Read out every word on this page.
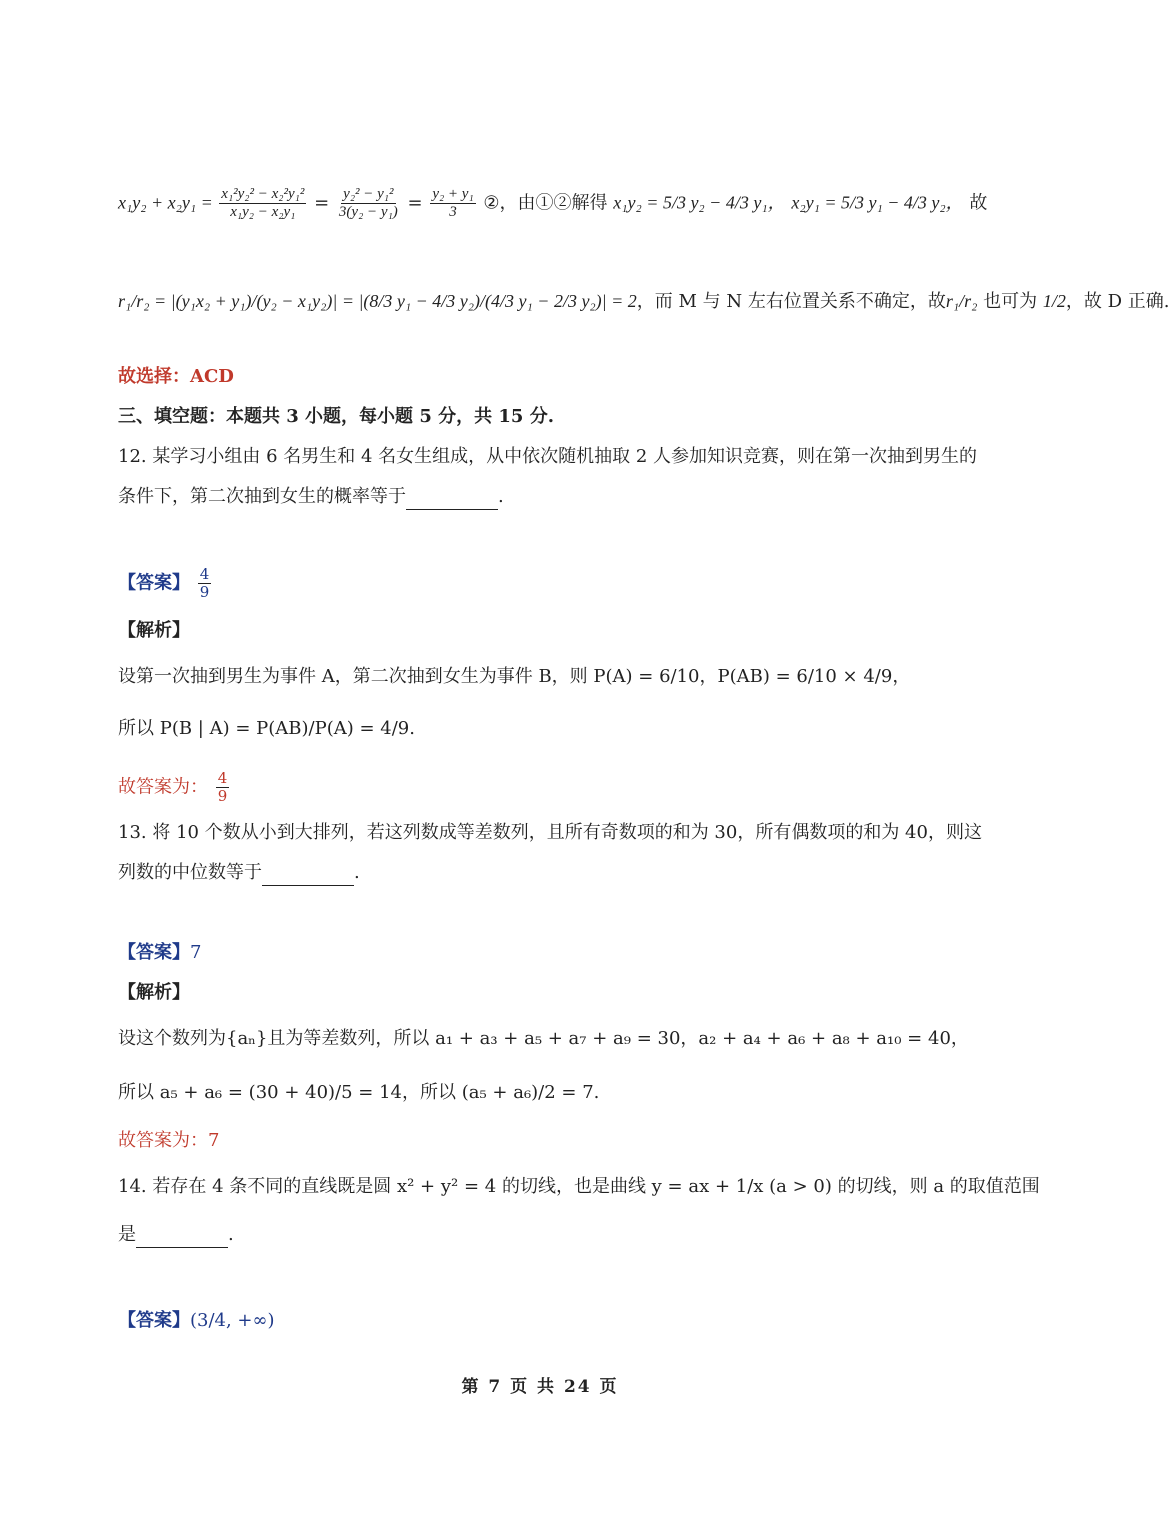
$x_1y_2 + x_2y_1 = \frac{\text{x₁²y₂² − x₂²y₁²}}{\text{x₁y₂ − x₂y₁}} = \frac{\text{y₂² − y₁²}}{\text{3(y₂ − y₁)}} = \frac{\text{y₂ + y₁}}{3}$ ②，由①②解得 x₁y₂ = 5/3 y₂ − 4/3 y₁， x₂y₁ = 5/3 y₁ − 4/3 y₂， 故
r₁/r₂ = |(y₁x₂ + y₁)/(y₂ − x₁y₂)| = |(8/3 y₁ − 4/3 y₂)/(4/3 y₁ − 2/3 y₂)| = 2，而 M 与 N 左右位置关系不确定，故r₁/r₂ 也可为 1/2，故 D 正确.
故选择：ACD
三、填空题：本题共 3 小题，每小题 5 分，共 15 分.
12. 某学习小组由 6 名男生和 4 名女生组成，从中依次随机抽取 2 人参加知识竞赛，则在第一次抽到男生的
条件下，第二次抽到女生的概率等于	.
【答案】 $\frac{4}{9}$
【解析】
设第一次抽到男生为事件 A，第二次抽到女生为事件 B，则 P(A) = 6/10，P(AB) = 6/10 × 4/9，
所以 P(B | A) = P(AB)/P(A) = 4/9.
故答案为： $\frac{4}{9}$
13. 将 10 个数从小到大排列，若这列数成等差数列，且所有奇数项的和为 30，所有偶数项的和为 40，则这
列数的中位数等于	.
【答案】7
【解析】
设这个数列为{aₙ}且为等差数列，所以 a₁ + a₃ + a₅ + a₇ + a₉ = 30，a₂ + a₄ + a₆ + a₈ + a₁₀ = 40，
所以 a₅ + a₆ = (30 + 40)/5 = 14，所以 (a₅ + a₆)/2 = 7.
故答案为：7
14. 若存在 4 条不同的直线既是圆 x² + y² = 4 的切线，也是曲线 y = ax + 1/x (a > 0) 的切线，则 a 的取值范围
是	.
【答案】(3/4, +∞)
第 7 页 共 24 页
